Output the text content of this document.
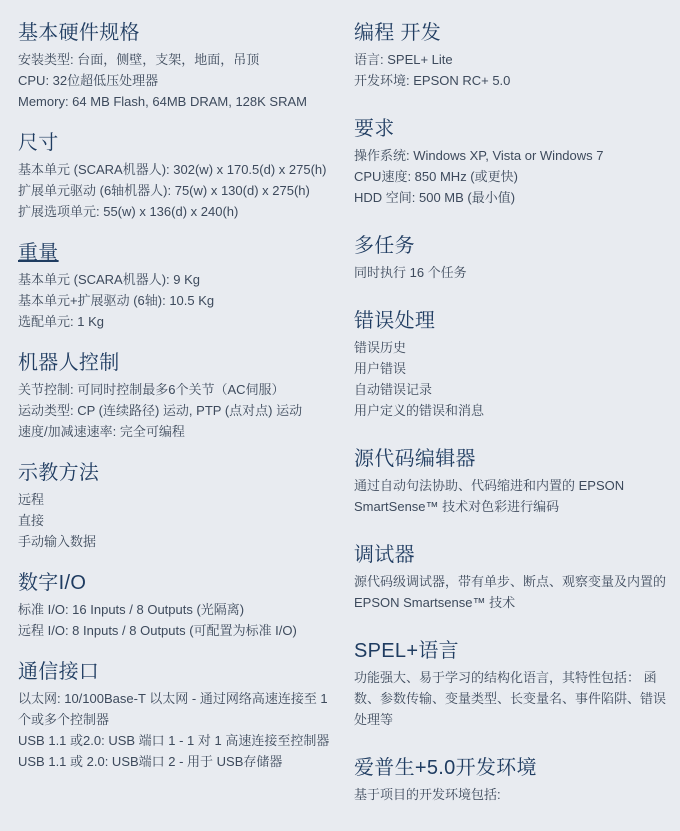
基本硬件规格

安装类型: 台面，侧壁，支架，地面，吊顶

CPU: 32位超低压处理器

Memory: 64 MB Flash, 64MB DRAM, 128K SRAM

尺寸

基本单元 (SCARA机器人): 302(w) x 170.5(d) x 275(h)

扩展单元驱动 (6轴机器人): 75(w) x 130(d) x 275(h)

扩展选项单元: 55(w) x 136(d) x 240(h)

重量

基本单元 (SCARA机器人): 9 Kg

基本单元+扩展驱动 (6轴): 10.5 Kg

选配单元: 1 Kg

机器人控制

关节控制: 可同时控制最多6个关节（AC伺服）

运动类型: CP (连续路径) 运动, PTP (点对点) 运动

速度/加减速速率: 完全可编程

示教方法

远程

直接

手动输入数据

数字I/O

标准 I/O: 16 Inputs / 8 Outputs (光隔离)

远程 I/O: 8 Inputs / 8 Outputs (可配置为标准 I/O)

通信接口

以太网: 10/100Base-T 以太网 - 通过网络高速连接至 1 个或多个控制器

USB 1.1 或2.0: USB 端口 1 - 1 对 1 高速连接至控制器

USB 1.1 或 2.0: USB端口 2 - 用于 USB存储器

编程 开发

语言: SPEL+ Lite

开发环境: EPSON RC+ 5.0

要求

操作系统: Windows XP, Vista or Windows 7

CPU速度: 850 MHz (或更快)

HDD 空间: 500 MB (最小值)

多任务

同时执行 16 个任务

错误处理

错误历史

用户错误

自动错误记录

用户定义的错误和消息

源代码编辑器

通过自动句法协助、代码缩进和内置的 EPSON SmartSense™ 技术对色彩进行编码

调试器

源代码级调试器，带有单步、断点、观察变量及内置的 EPSON Smartsense™ 技术

SPEL+语言

功能强大、易于学习的结构化语言，其特性包括： 函数、参数传输、变量类型、长变量名、事件陷阱、错误处理等

爱普生+5.0开发环境

基于项目的开发环境包括:
